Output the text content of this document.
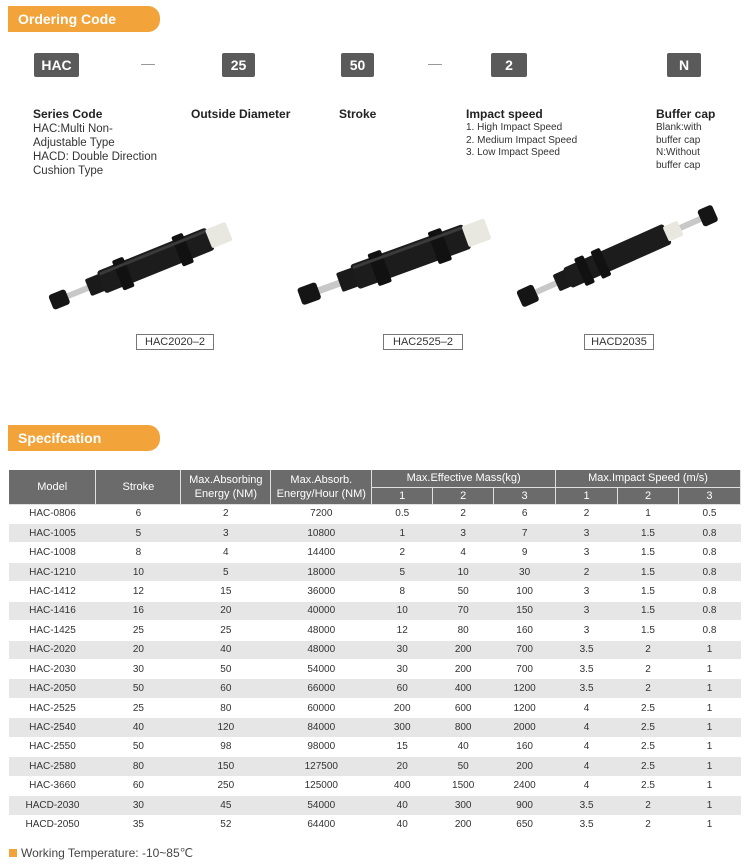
Ordering Code
HAC	25	50	2	N
Series Code
HAC:Multi Non-
Adjustable Type
HACD: Double Direction
Cushion Type
Outside Diameter	Stroke	Impact speed
1. High Impact Speed
2. Medium Impact Speed
3. Low Impact Speed
Buffer cap
Blank:with
buffer cap
N:Without
buffer cap
HAC2020–2	HAC2525–2	HACD2035
Specifcation
Model	Stroke	Max.Absorbing Energy (NM)	Max.Absorb. Energy/Hour (NM)	Max.Effective Mass(kg)			Max.Impact Speed (m/s)		
				1	2	3	1	2	3
HAC-0806	6	2	7200	0.5	2	6	2	1	0.5
HAC-1005	5	3	10800	1	3	7	3	1.5	0.8
HAC-1008	8	4	14400	2	4	9	3	1.5	0.8
HAC-1210	10	5	18000	5	10	30	2	1.5	0.8
HAC-1412	12	15	36000	8	50	100	3	1.5	0.8
HAC-1416	16	20	40000	10	70	150	3	1.5	0.8
HAC-1425	25	25	48000	12	80	160	3	1.5	0.8
HAC-2020	20	40	48000	30	200	700	3.5	2	1
HAC-2030	30	50	54000	30	200	700	3.5	2	1
HAC-2050	50	60	66000	60	400	1200	3.5	2	1
HAC-2525	25	80	60000	200	600	1200	4	2.5	1
HAC-2540	40	120	84000	300	800	2000	4	2.5	1
HAC-2550	50	98	98000	15	40	160	4	2.5	1
HAC-2580	80	150	127500	20	50	200	4	2.5	1
HAC-3660	60	250	125000	400	1500	2400	4	2.5	1
HACD-2030	30	45	54000	40	300	900	3.5	2	1
HACD-2050	35	52	64400	40	200	650	3.5	2	1
Working Temperature: -10~85℃
